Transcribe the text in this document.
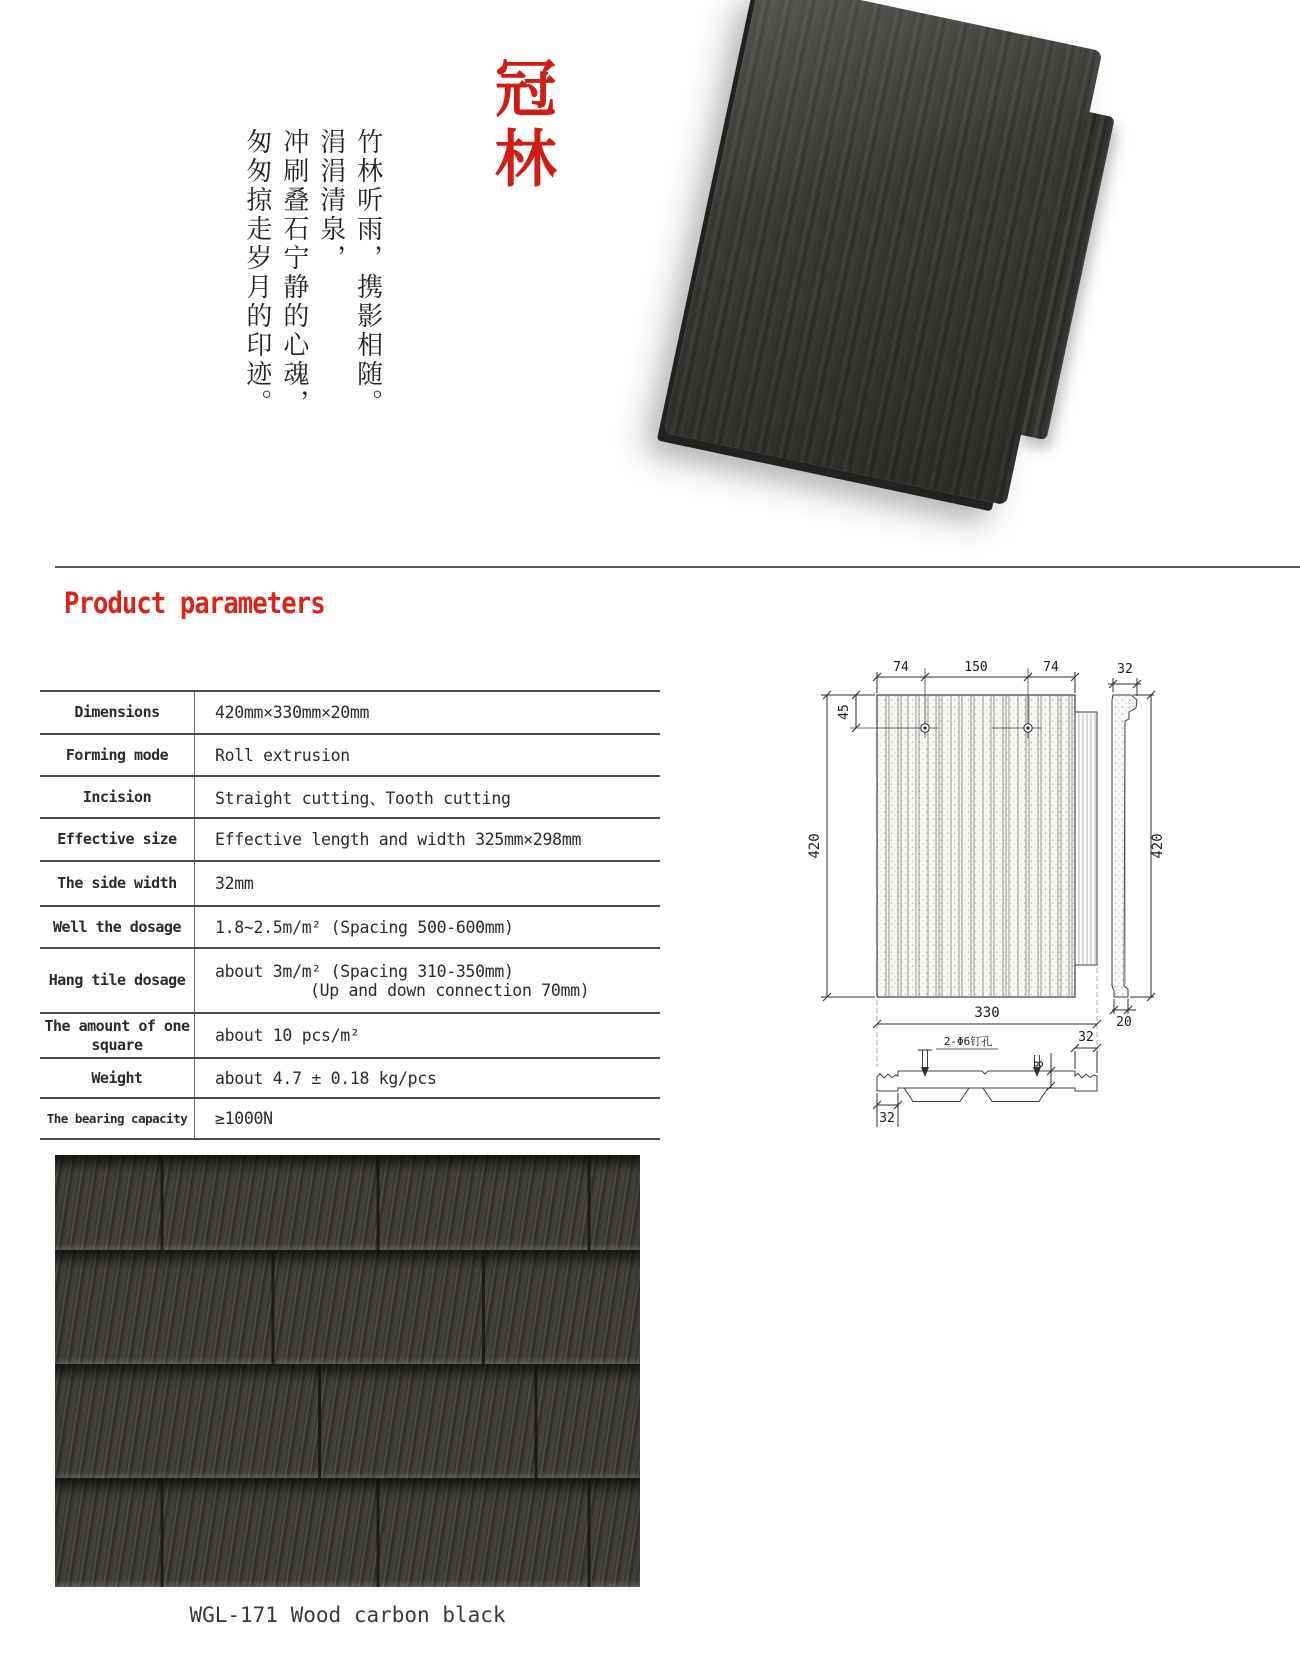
竹林听雨，携影相随。
涓涓清泉，
冲刷叠石宁静的心魂，
匆匆掠走岁月的印迹。
冠林
Product parameters
Dimensions	420mm×330mm×20mm
Forming mode	Roll extrusion
Incision	Straight cutting、Tooth cutting
Effective size	Effective length and width 325mm×298mm
The side width	32mm
Well the dosage	1.8~2.5m/m² (Spacing 500-600mm)
Hang tile dosage	about 3m/m² (Spacing 310-350mm)
(Up and down connection 70mm)
The amount of one square	about 10 pcs/m²
Weight	about 4.7 ± 0.18 kg/pcs
The bearing capacity	≥1000N
74	150	74
420
45
330
32
420
20
2-Φ6钉孔
8
32
32
WGL-171 Wood carbon black
